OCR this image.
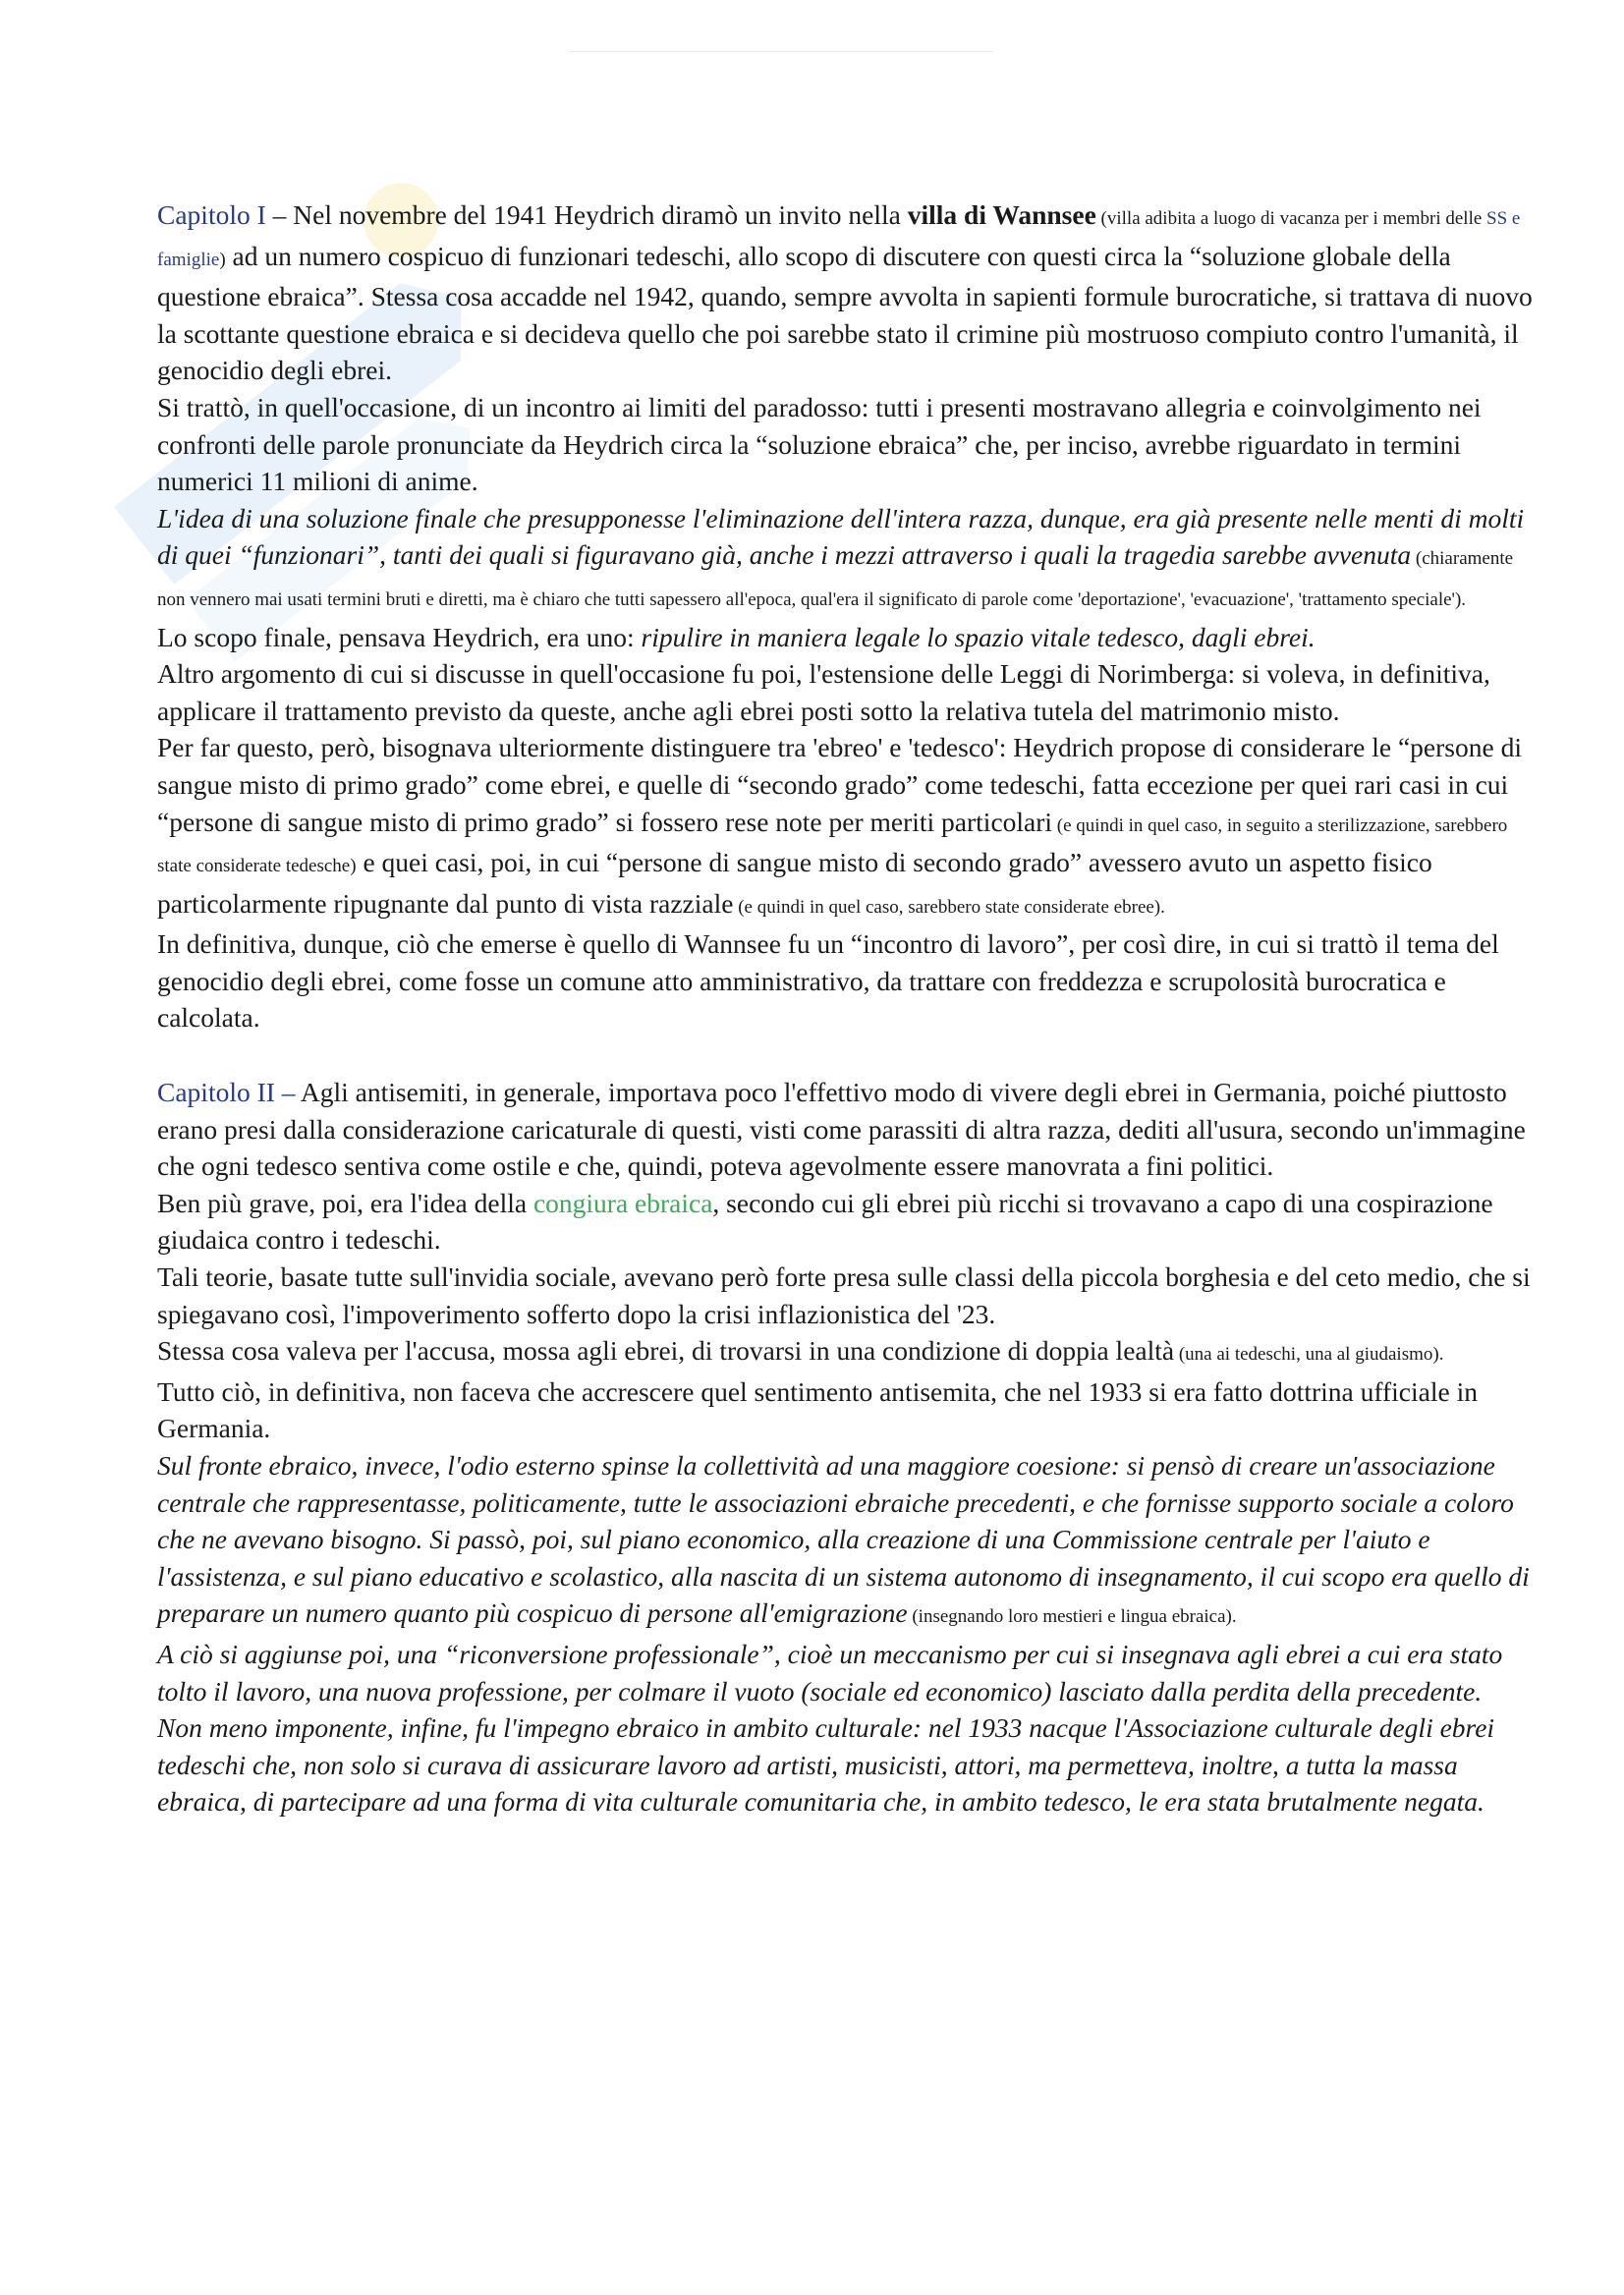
Capitolo I – Nel novembre del 1941 Heydrich diramò un invito nella villa di Wannsee (villa adibita a luogo di vacanza per i membri delle SS e famiglie) ad un numero cospicuo di funzionari tedeschi, allo scopo di discutere con questi circa la “soluzione globale della questione ebraica”. Stessa cosa accadde nel 1942, quando, sempre avvolta in sapienti formule burocratiche, si trattava di nuovo la scottante questione ebraica e si decideva quello che poi sarebbe stato il crimine più mostruoso compiuto contro l'umanità, il genocidio degli ebrei.

Si trattò, in quell'occasione, di un incontro ai limiti del paradosso: tutti i presenti mostravano allegria e coinvolgimento nei confronti delle parole pronunciate da Heydrich circa la “soluzione ebraica” che, per inciso, avrebbe riguardato in termini numerici 11 milioni di anime.

L'idea di una soluzione finale che presupponesse l'eliminazione dell'intera razza, dunque, era già presente nelle menti di molti di quei “funzionari”, tanti dei quali si figuravano già, anche i mezzi attraverso i quali la tragedia sarebbe avvenuta (chiaramente non vennero mai usati termini bruti e diretti, ma è chiaro che tutti sapessero all'epoca, qual'era il significato di parole come 'deportazione', 'evacuazione', 'trattamento speciale').

Lo scopo finale, pensava Heydrich, era uno: ripulire in maniera legale lo spazio vitale tedesco, dagli ebrei.

Altro argomento di cui si discusse in quell'occasione fu poi, l'estensione delle Leggi di Norimberga: si voleva, in definitiva, applicare il trattamento previsto da queste, anche agli ebrei posti sotto la relativa tutela del matrimonio misto.

Per far questo, però, bisognava ulteriormente distinguere tra 'ebreo' e 'tedesco': Heydrich propose di considerare le “persone di sangue misto di primo grado” come ebrei, e quelle di “secondo grado” come tedeschi, fatta eccezione per quei rari casi in cui “persone di sangue misto di primo grado” si fossero rese note per meriti particolari (e quindi in quel caso, in seguito a sterilizzazione, sarebbero state considerate tedesche) e quei casi, poi, in cui “persone di sangue misto di secondo grado” avessero avuto un aspetto fisico particolarmente ripugnante dal punto di vista razziale (e quindi in quel caso, sarebbero state considerate ebree).

In definitiva, dunque, ciò che emerse è quello di Wannsee fu un “incontro di lavoro”, per così dire, in cui si trattò il tema del genocidio degli ebrei, come fosse un comune atto amministrativo, da trattare con freddezza e scrupolosità burocratica e calcolata.

Capitolo II – Agli antisemiti, in generale, importava poco l'effettivo modo di vivere degli ebrei in Germania, poiché piuttosto erano presi dalla considerazione caricaturale di questi, visti come parassiti di altra razza, dediti all'usura, secondo un'immagine che ogni tedesco sentiva come ostile e che, quindi, poteva agevolmente essere manovrata a fini politici.

Ben più grave, poi, era l'idea della congiura ebraica, secondo cui gli ebrei più ricchi si trovavano a capo di una cospirazione giudaica contro i tedeschi.

Tali teorie, basate tutte sull'invidia sociale, avevano però forte presa sulle classi della piccola borghesia e del ceto medio, che si spiegavano così, l'impoverimento sofferto dopo la crisi inflazionistica del '23.

Stessa cosa valeva per l'accusa, mossa agli ebrei, di trovarsi in una condizione di doppia lealtà (una ai tedeschi, una al giudaismo).

Tutto ciò, in definitiva, non faceva che accrescere quel sentimento antisemita, che nel 1933 si era fatto dottrina ufficiale in Germania.

Sul fronte ebraico, invece, l'odio esterno spinse la collettività ad una maggiore coesione: si pensò di creare un'associazione centrale che rappresentasse, politicamente, tutte le associazioni ebraiche precedenti, e che fornisse supporto sociale a coloro che ne avevano bisogno. Si passò, poi, sul piano economico, alla creazione di una Commissione centrale per l'aiuto e l'assistenza, e sul piano educativo e scolastico, alla nascita di un sistema autonomo di insegnamento, il cui scopo era quello di preparare un numero quanto più cospicuo di persone all'emigrazione (insegnando loro mestieri e lingua ebraica).

A ciò si aggiunse poi, una “riconversione professionale”, cioè un meccanismo per cui si insegnava agli ebrei a cui era stato tolto il lavoro, una nuova professione, per colmare il vuoto (sociale ed economico) lasciato dalla perdita della precedente.

Non meno imponente, infine, fu l'impegno ebraico in ambito culturale: nel 1933 nacque l'Associazione culturale degli ebrei tedeschi che, non solo si curava di assicurare lavoro ad artisti, musicisti, attori, ma permetteva, inoltre, a tutta la massa ebraica, di partecipare ad una forma di vita culturale comunitaria che, in ambito tedesco, le era stata brutalmente negata.
